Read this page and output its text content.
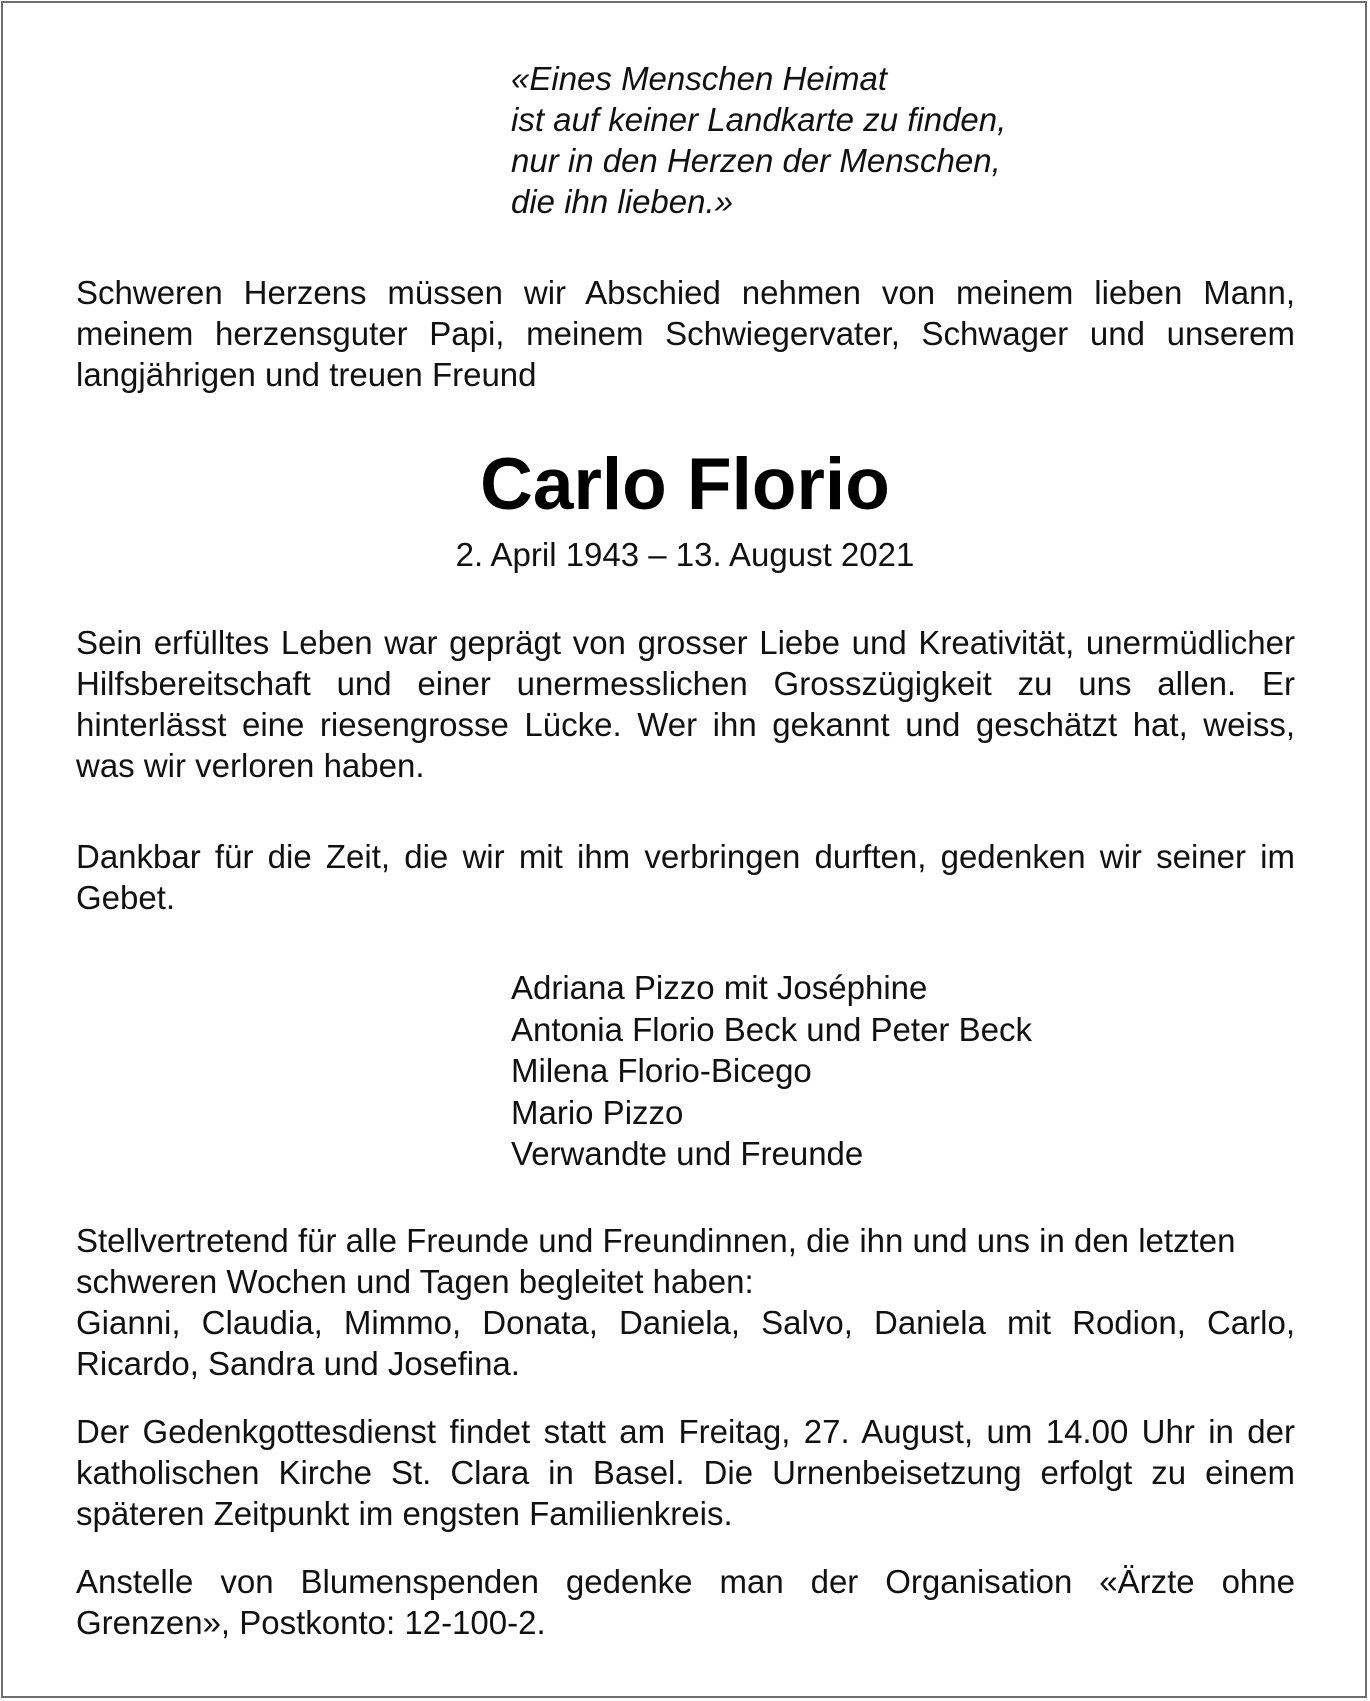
«Eines Menschen Heimat
ist auf keiner Landkarte zu finden,
nur in den Herzen der Menschen,
die ihn lieben.»
Schweren Herzens müssen wir Abschied nehmen von meinem lieben Mann, meinem herzensguter Papi, meinem Schwiegervater, Schwager und unserem langjährigen und treuen Freund
Carlo Florio
2. April 1943 – 13. August 2021
Sein erfülltes Leben war geprägt von grosser Liebe und Kreativität, unermüdlicher Hilfsbereitschaft und einer unermesslichen Grosszügigkeit zu uns allen. Er hinterlässt eine riesengrosse Lücke. Wer ihn gekannt und geschätzt hat, weiss, was wir verloren haben.
Dankbar für die Zeit, die wir mit ihm verbringen durften, gedenken wir seiner im Gebet.
Adriana Pizzo mit Joséphine
Antonia Florio Beck und Peter Beck
Milena Florio-Bicego
Mario Pizzo
Verwandte und Freunde
Stellvertretend für alle Freunde und Freundinnen, die ihn und uns in den letzten schweren Wochen und Tagen begleitet haben:
Gianni, Claudia, Mimmo, Donata, Daniela, Salvo, Daniela mit Rodion, Carlo, Ricardo, Sandra und Josefina.
Der Gedenkgottesdienst findet statt am Freitag, 27. August, um 14.00 Uhr in der katholischen Kirche St. Clara in Basel. Die Urnenbeisetzung erfolgt zu einem späteren Zeitpunkt im engsten Familienkreis.
Anstelle von Blumenspenden gedenke man der Organisation «Ärzte ohne Grenzen», Postkonto: 12-100-2.
